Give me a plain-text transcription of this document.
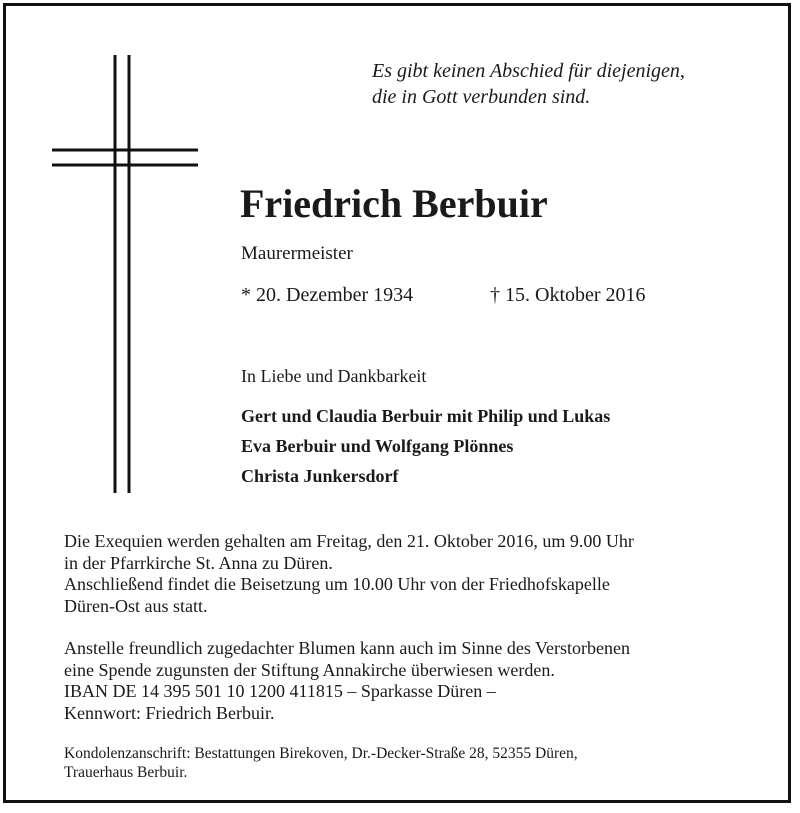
Es gibt keinen Abschied für diejenigen,
die in Gott verbunden sind.
Friedrich Berbuir
Maurermeister
* 20. Dezember 1934	† 15. Oktober 2016
In Liebe und Dankbarkeit
Gert und Claudia Berbuir mit Philip und Lukas
Eva Berbuir und Wolfgang Plönnes
Christa Junkersdorf
Die Exequien werden gehalten am Freitag, den 21. Oktober 2016, um 9.00 Uhr
in der Pfarrkirche St. Anna zu Düren.
Anschließend findet die Beisetzung um 10.00 Uhr von der Friedhofskapelle
Düren-Ost aus statt.
Anstelle freundlich zugedachter Blumen kann auch im Sinne des Verstorbenen
eine Spende zugunsten der Stiftung Annakirche überwiesen werden.
IBAN DE 14 395 501 10 1200 411815 – Sparkasse Düren –
Kennwort: Friedrich Berbuir.
Kondolenzanschrift: Bestattungen Birekoven, Dr.-Decker-Straße 28, 52355 Düren,
Trauerhaus Berbuir.
